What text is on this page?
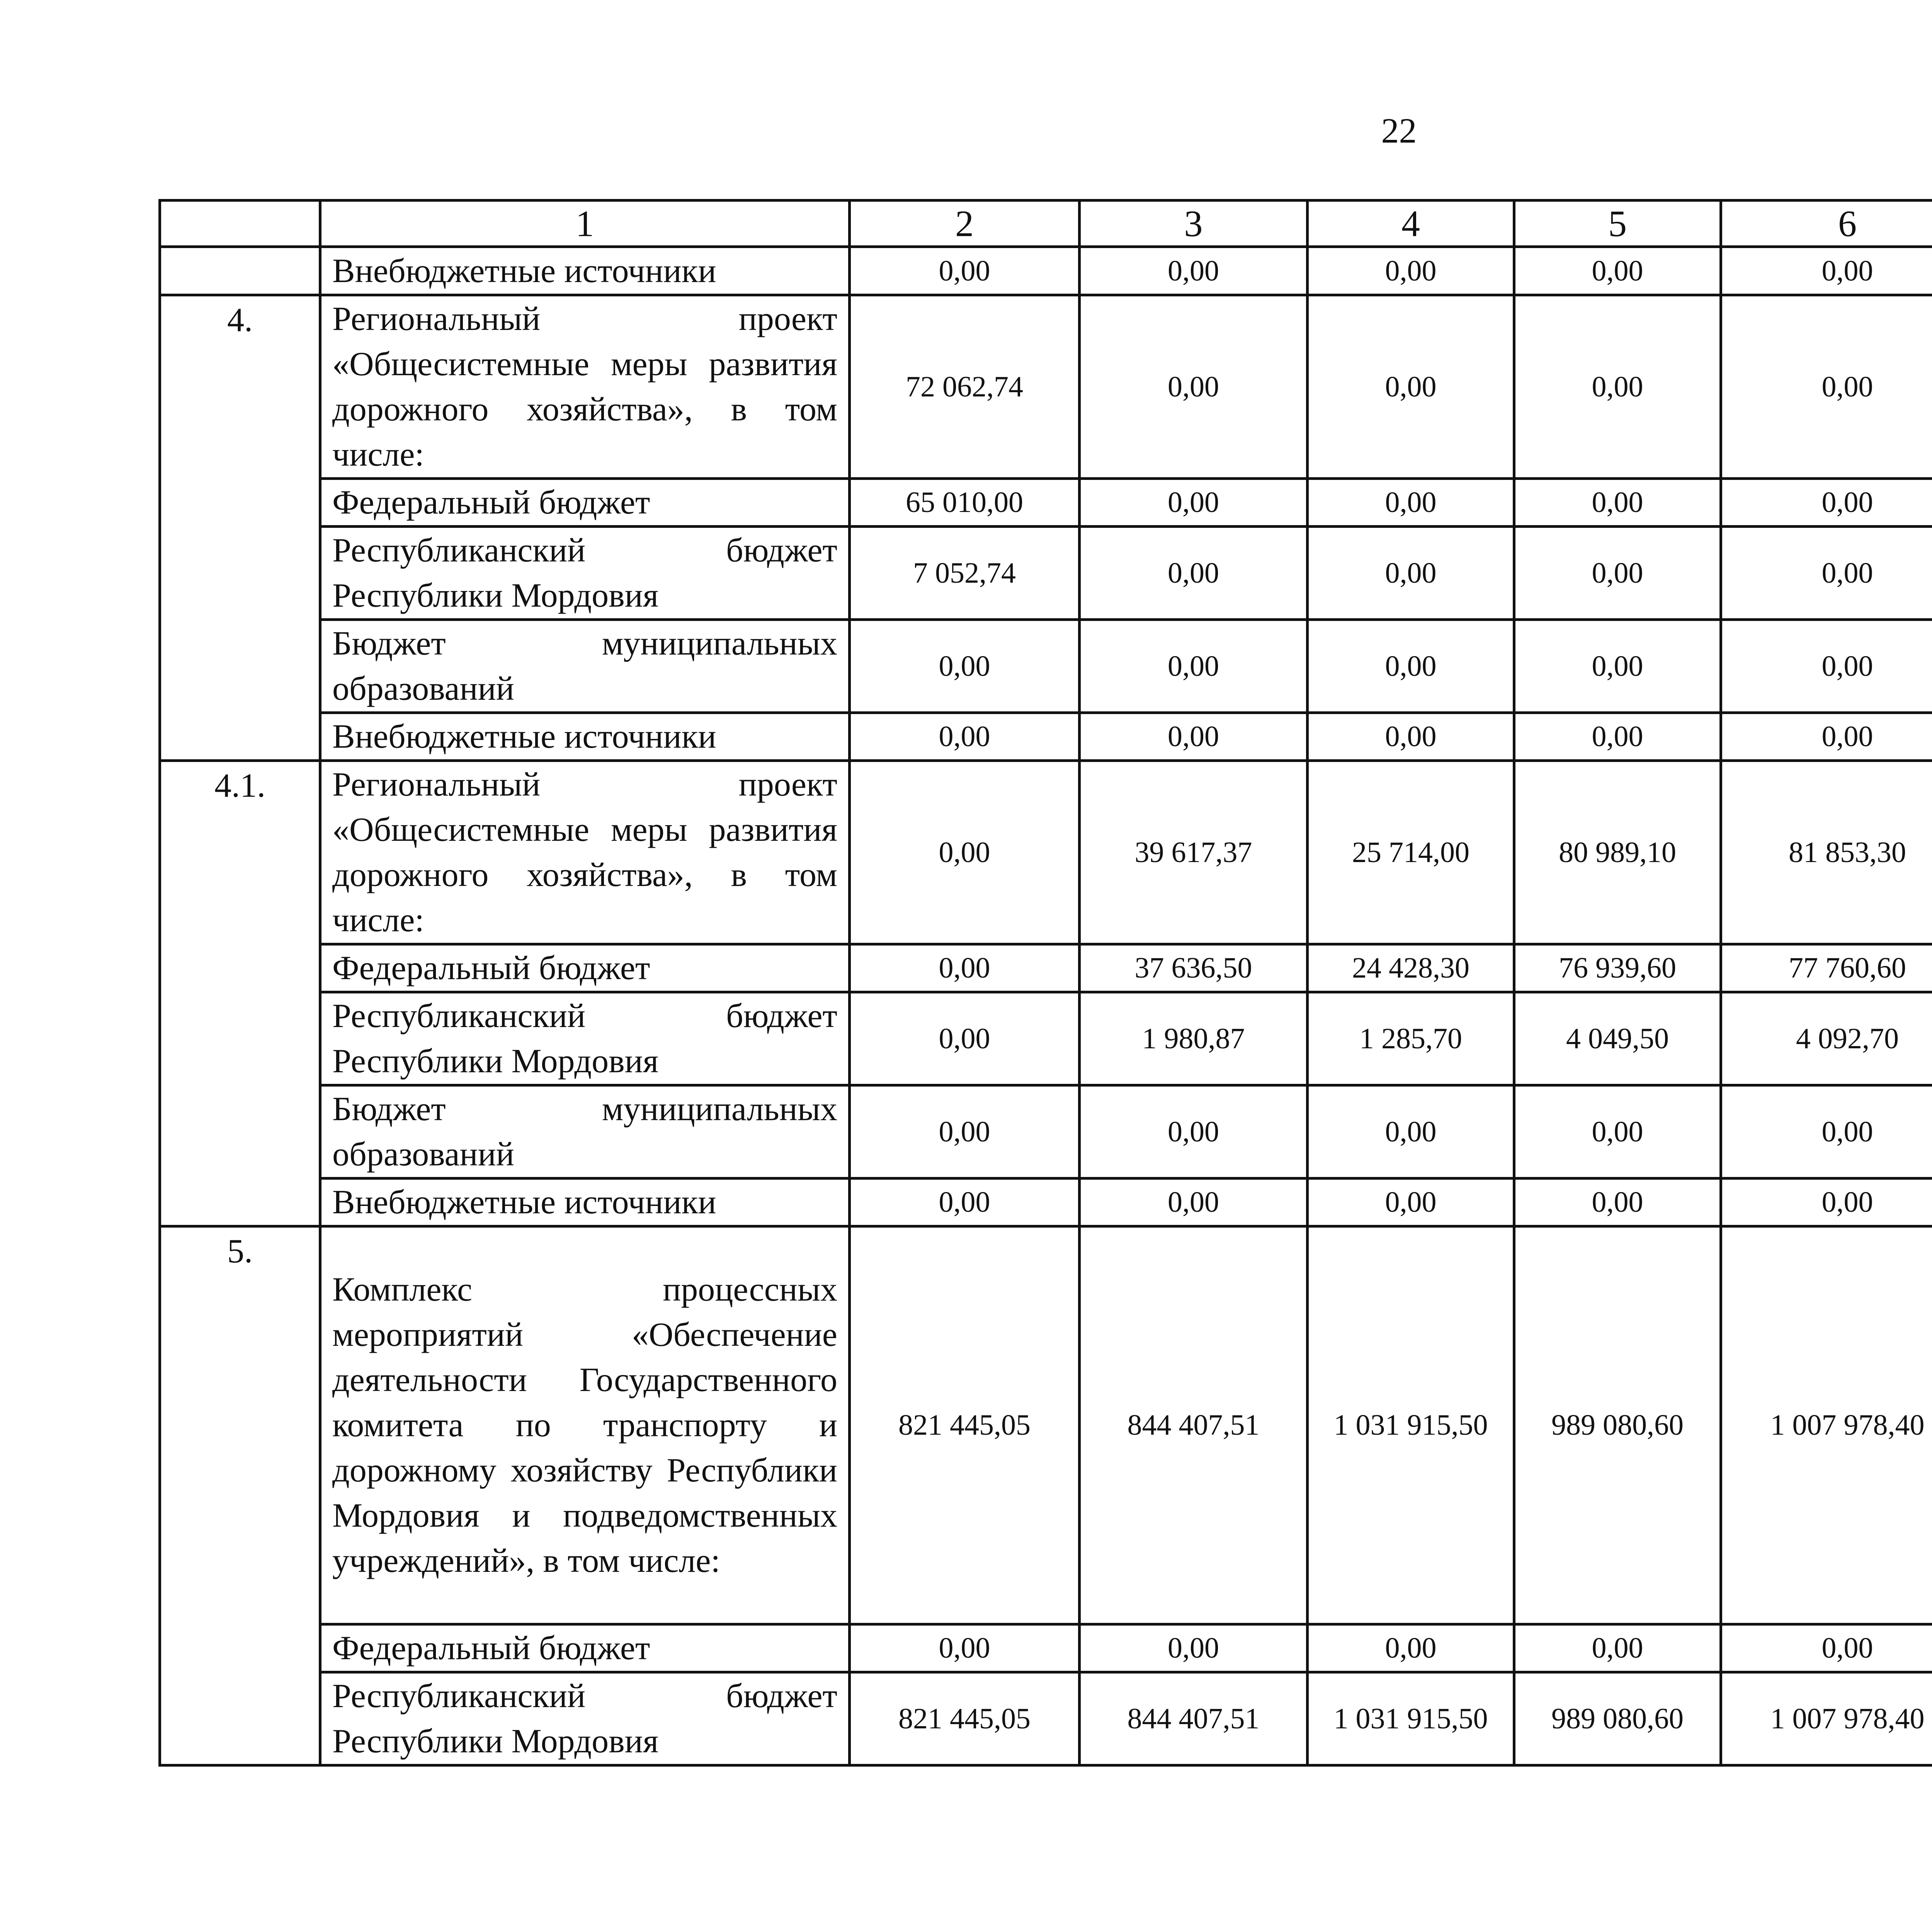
22
	1	2	3	4	5	6			
	Внебюджетные источники	0,00	0,00	0,00	0,00	0,00			
4.	Региональный проект «Общесистемные меры развития дорожного хозяйства», в том числе:	72 062,74	0,00	0,00	0,00	0,00			
	Федеральный бюджет	65 010,00	0,00	0,00	0,00	0,00			
	Республиканский бюджет Республики Мордовия	7 052,74	0,00	0,00	0,00	0,00			
	Бюджет муниципальных образований	0,00	0,00	0,00	0,00	0,00			
	Внебюджетные источники	0,00	0,00	0,00	0,00	0,00			
4.1.	Региональный проект «Общесистемные меры развития дорожного хозяйства», в том числе:	0,00	39 617,37	25 714,00	80 989,10	81 853,30			
	Федеральный бюджет	0,00	37 636,50	24 428,30	76 939,60	77 760,60			
	Республиканский бюджет Республики Мордовия	0,00	1 980,87	1 285,70	4 049,50	4 092,70			
	Бюджет муниципальных образований	0,00	0,00	0,00	0,00	0,00			
	Внебюджетные источники	0,00	0,00	0,00	0,00	0,00			
5.	Комплекс процессных мероприятий «Обеспечение деятельности Государственного комитета по транспорту и дорожному хозяйству Республики Мордовия и подведомственных учреждений», в том числе:	821 445,05	844 407,51	1 031 915,50	989 080,60	1 007 978,40			
	Федеральный бюджет	0,00	0,00	0,00	0,00	0,00			
	Республиканский бюджет Республики Мордовия	821 445,05	844 407,51	1 031 915,50	989 080,60	1 007 978,40			
